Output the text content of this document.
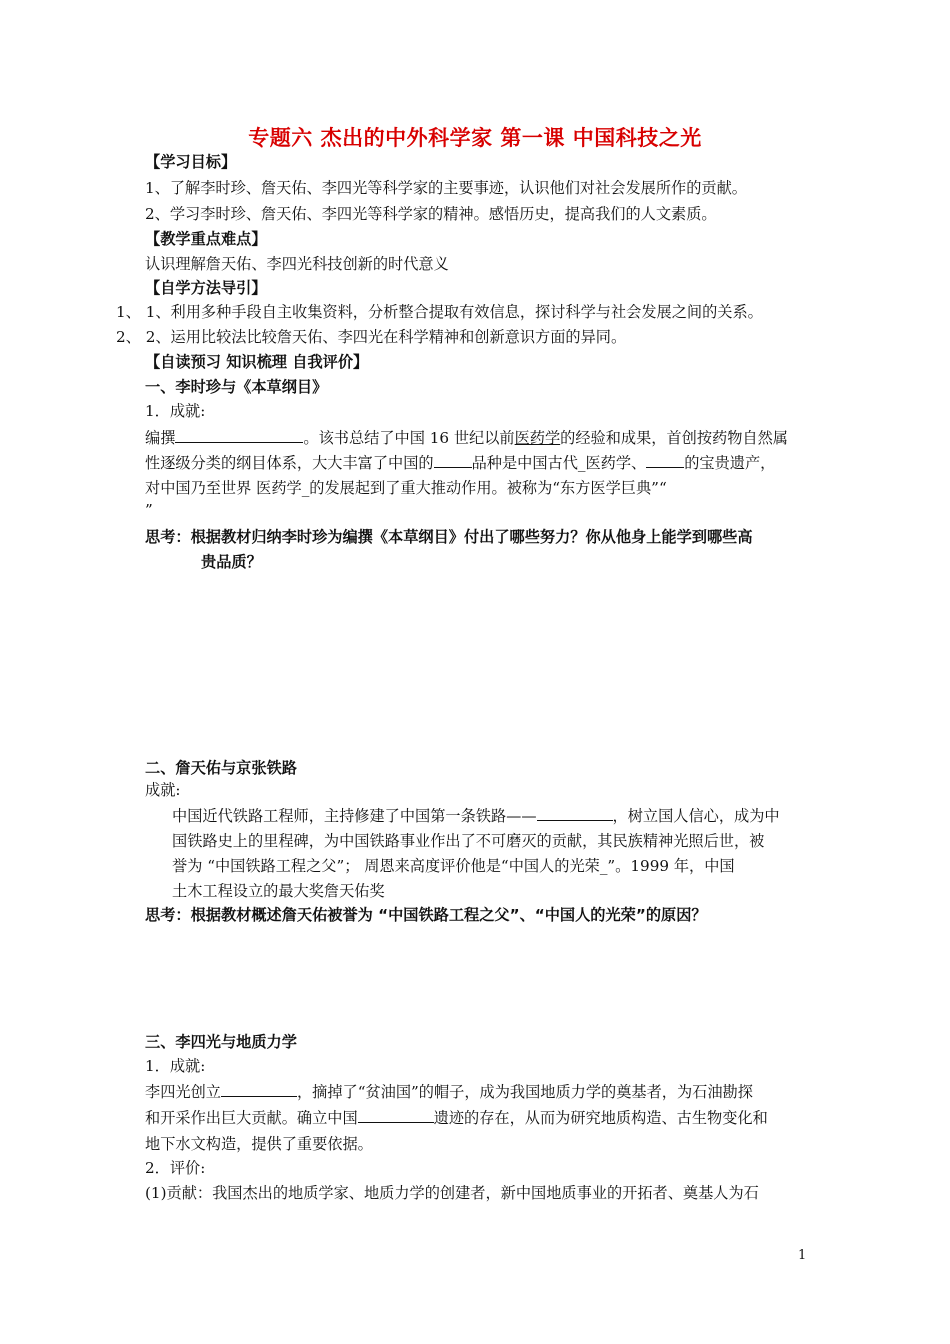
专题六 杰出的中外科学家 第一课 中国科技之光
【学习目标】
1、了解李时珍、詹天佑、李四光等科学家的主要事迹，认识他们对社会发展所作的贡献。
2、学习李时珍、詹天佑、李四光等科学家的精神。感悟历史，提高我们的人文素质。
【教学重点难点】
认识理解詹天佑、李四光科技创新的时代意义
【自学方法导引】
1、 1、利用多种手段自主收集资料，分析整合提取有效信息，探讨科学与社会发展之间的关系。
2、 2、运用比较法比较詹天佑、李四光在科学精神和创新意识方面的异同。
【自读预习 知识梳理 自我评价】
一、李时珍与《本草纲目》
1．成就:
编撰	。该书总结了中国 16 世纪以前医药学的经验和成果，首创按药物自然属
性逐级分类的纲目体系，大大丰富了中国的	品种是中国古代_医药学、	的宝贵遗产，
对中国乃至世界 医药学_的发展起到了重大推动作用。被称为“东方医学巨典”“
”
思考：根据教材归纳李时珍为编撰《本草纲目》付出了哪些努力？你从他身上能学到哪些高
贵品质？
二、詹天佑与京张铁路
成就:
中国近代铁路工程师，主持修建了中国第一条铁路——	，树立国人信心，成为中
国铁路史上的里程碑，为中国铁路事业作出了不可磨灭的贡献，其民族精神光照后世，被
誉为 “中国铁路工程之父”； 周恩来高度评价他是“中国人的光荣_”。1999 年，中国
土木工程设立的最大奖詹天佑奖
思考：根据教材概述詹天佑被誉为 “中国铁路工程之父”、“中国人的光荣”的原因？
三、李四光与地质力学
1．成就:
李四光创立	，摘掉了“贫油国”的帽子，成为我国地质力学的奠基者，为石油勘探
和开采作出巨大贡献。确立中国	遗迹的存在，从而为研究地质构造、古生物变化和
地下水文构造，提供了重要依据。
2．评价:
(1)贡献：我国杰出的地质学家、地质力学的创建者，新中国地质事业的开拓者、奠基人为石
1
